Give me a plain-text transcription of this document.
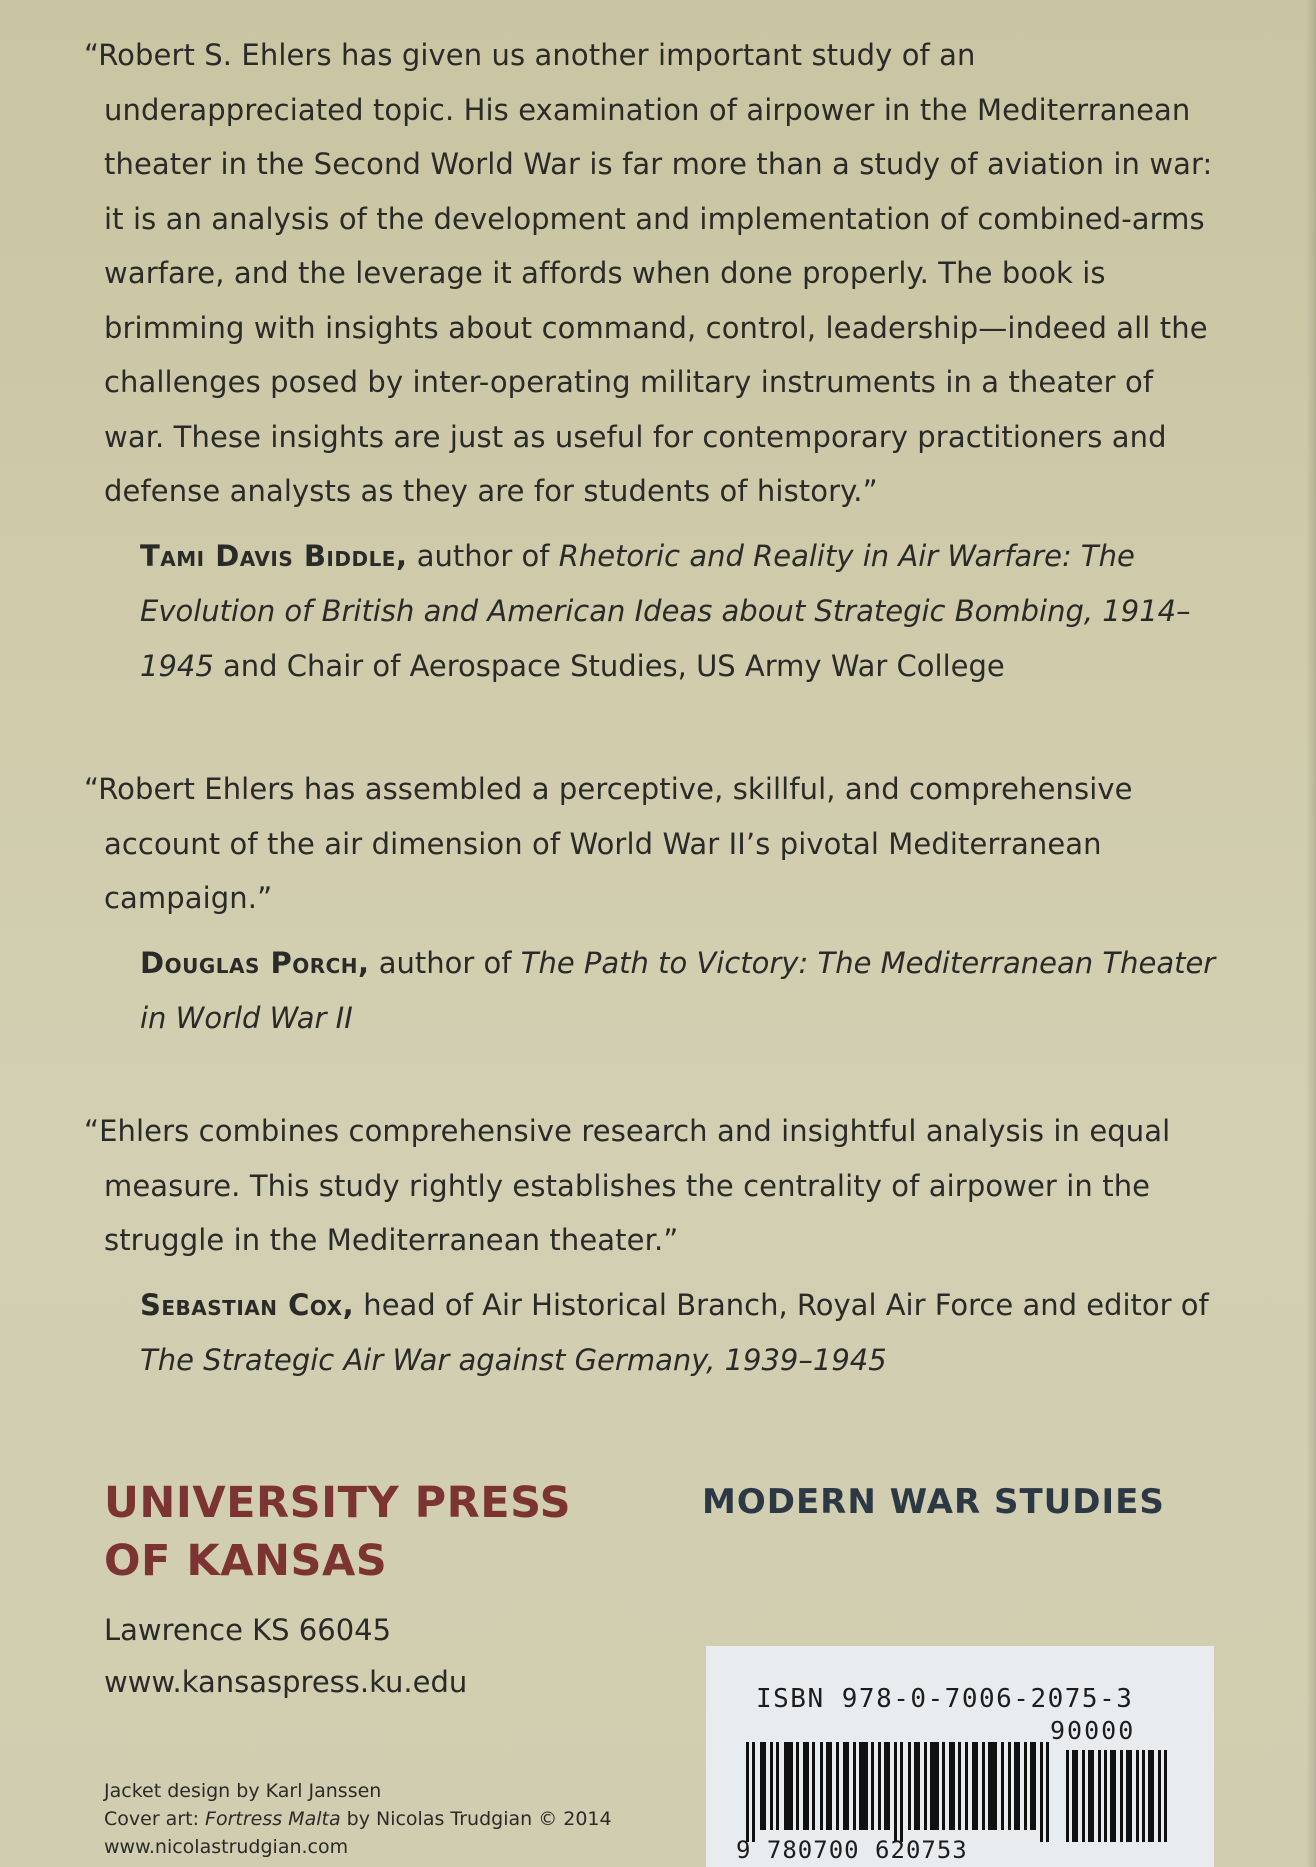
“Robert S. Ehlers has given us another important study of an underappreciated topic. His examination of airpower in the Mediterranean theater in the Second World War is far more than a study of aviation in war: it is an analysis of the development and implementation of combined-arms warfare, and the leverage it affords when done properly. The book is brimming with insights about command, control, leadership—indeed all the challenges posed by inter-operating military instruments in a theater of war. These insights are just as useful for contemporary practitioners and defense analysts as they are for students of history.”

Tami Davis Biddle, author of Rhetoric and Reality in Air Warfare: The Evolution of British and American Ideas about Strategic Bombing, 1914–1945 and Chair of Aerospace Studies, US Army War College

“Robert Ehlers has assembled a perceptive, skillful, and comprehensive account of the air dimension of World War II’s pivotal Mediterranean campaign.”

Douglas Porch, author of The Path to Victory: The Mediterranean Theater in World War II

“Ehlers combines comprehensive research and insightful analysis in equal measure. This study rightly establishes the centrality of airpower in the struggle in the Mediterranean theater.”

Sebastian Cox, head of Air Historical Branch, Royal Air Force and editor of The Strategic Air War against Germany, 1939–1945
UNIVERSITY PRESS
OF KANSAS
MODERN WAR STUDIES
Lawrence KS 66045
www.kansaspress.ku.edu
Jacket design by Karl Janssen
Cover art: Fortress Malta by Nicolas Trudgian © 2014
www.nicolastrudgian.com
ISBN 978-0-7006-2075-3
90000
9 780700 620753
